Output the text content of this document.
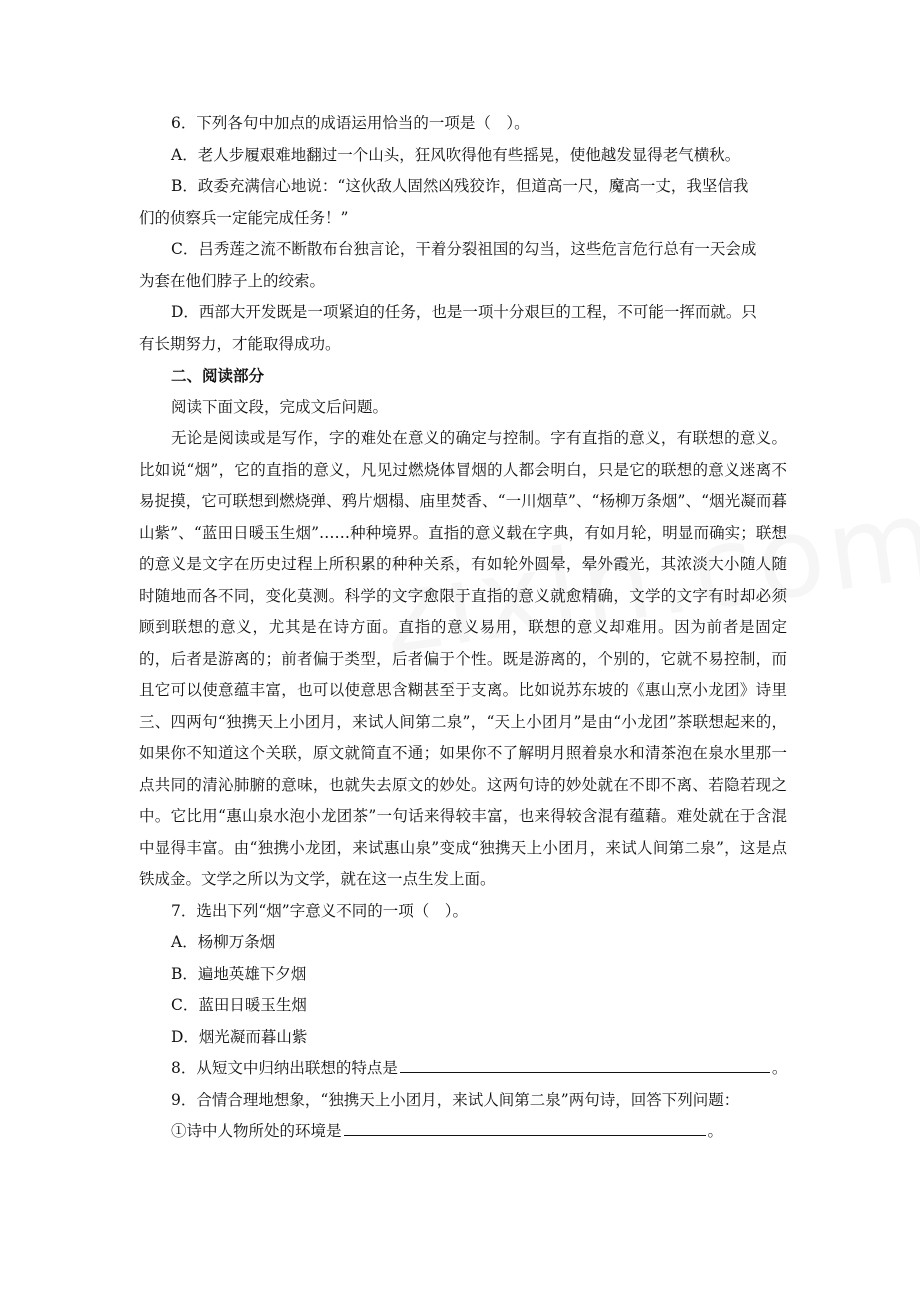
6．下列各句中加点的成语运用恰当的一项是（　）。
A．老人步履艰难地翻过一个山头，狂风吹得他有些摇晃，使他越发显得老气横秋。
B．政委充满信心地说：“这伙敌人固然凶残狡诈，但道高一尺，魔高一丈，我坚信我
们的侦察兵一定能完成任务！”
C．吕秀莲之流不断散布台独言论，干着分裂祖国的勾当，这些危言危行总有一天会成
为套在他们脖子上的绞索。
D．西部大开发既是一项紧迫的任务，也是一项十分艰巨的工程，不可能一挥而就。只
有长期努力，才能取得成功。
二、阅读部分
阅读下面文段，完成文后问题。

无论是阅读或是写作，字的难处在意义的确定与控制。字有直指的意义，有联想的意义。比如说“烟”，它的直指的意义，凡见过燃烧体冒烟的人都会明白，只是它的联想的意义迷离不易捉摸，它可联想到燃烧弹、鸦片烟榻、庙里焚香、“一川烟草”、“杨柳万条烟”、“烟光凝而暮山紫”、“蓝田日暖玉生烟”……种种境界。直指的意义载在字典，有如月轮，明显而确实；联想的意义是文字在历史过程上所积累的种种关系，有如轮外圆晕，晕外霞光，其浓淡大小随人随时随地而各不同，变化莫测。科学的文字愈限于直指的意义就愈精确，文学的文字有时却必须顾到联想的意义，尤其是在诗方面。直指的意义易用，联想的意义却难用。因为前者是固定的，后者是游离的；前者偏于类型，后者偏于个性。既是游离的，个别的，它就不易控制，而且它可以使意蕴丰富，也可以使意思含糊甚至于支离。比如说苏东坡的《惠山烹小龙团》诗里三、四两句“独携天上小团月，来试人间第二泉”，“天上小团月”是由“小龙团”茶联想起来的，如果你不知道这个关联，原文就简直不通；如果你不了解明月照着泉水和清茶泡在泉水里那一点共同的清沁肺腑的意味，也就失去原文的妙处。这两句诗的妙处就在不即不离、若隐若现之中。它比用“惠山泉水泡小龙团茶”一句话来得较丰富，也来得较含混有蕴藉。难处就在于含混中显得丰富。由“独携小龙团，来试惠山泉”变成“独携天上小团月，来试人间第二泉”，这是点铁成金。文学之所以为文学，就在这一点生发上面。

7．选出下列“烟”字意义不同的一项（　）。
A．杨柳万条烟
B．遍地英雄下夕烟
C．蓝田日暖玉生烟
D．烟光凝而暮山紫
8．从短文中归纳出联想的特点是	。
9．合情合理地想象，“独携天上小团月，来试人间第二泉”两句诗，回答下列问题：
①诗中人物所处的环境是	。
